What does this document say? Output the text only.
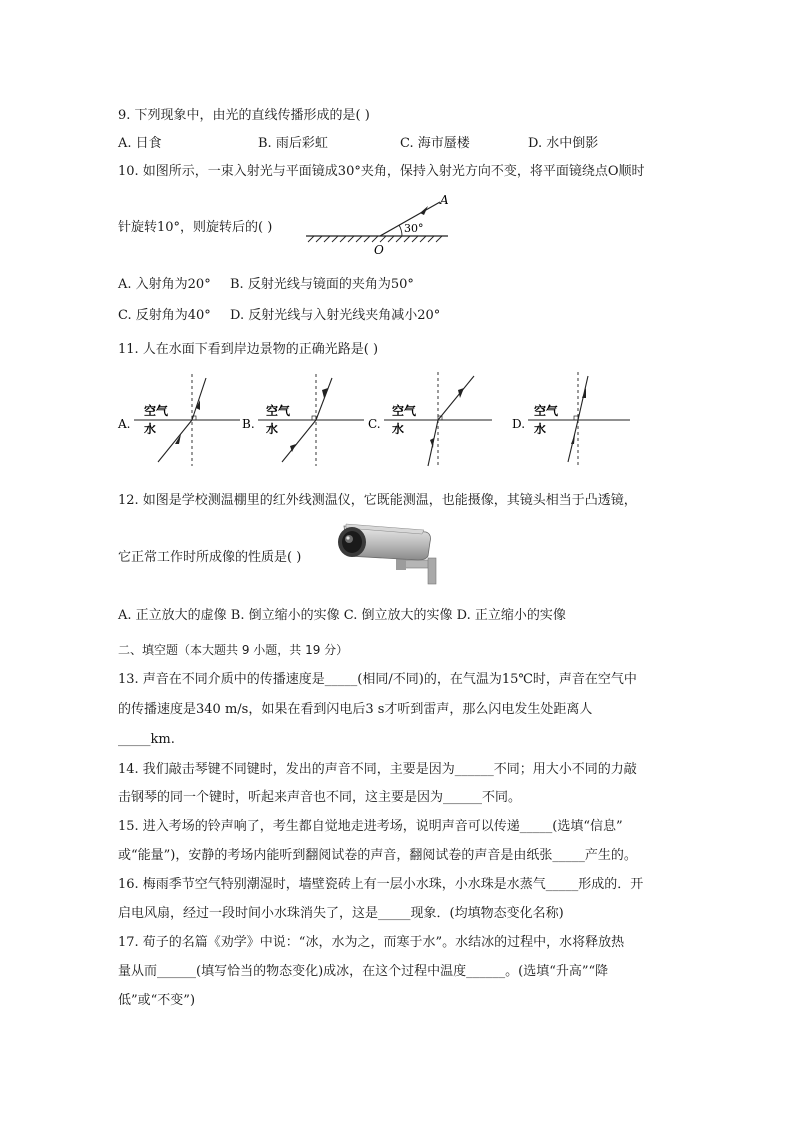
9. 下列现象中，由光的直线传播形成的是( )
A. 日食	B. 雨后彩虹	C. 海市蜃楼	D. 水中倒影
10. 如图所示，一束入射光与平面镜成30°夹角，保持入射光方向不变，将平面镜绕点O顺时
针旋转10°，则旋转后的( )
A
30°
O
A. 入射角为20° B. 反射光线与镜面的夹角为50°
C. 反射角为40° D. 反射光线与入射光线夹角减小20°
11. 人在水面下看到岸边景物的正确光路是( )
A.
空气
水	B.
空气
水	C.
空气
水	D.
空气
水
12. 如图是学校测温棚里的红外线测温仪，它既能测温，也能摄像，其镜头相当于凸透镜，
它正常工作时所成像的性质是( )
A. 正立放大的虚像 B. 倒立缩小的实像 C. 倒立放大的实像 D. 正立缩小的实像
二、填空题（本大题共 9 小题，共 19 分）
13. 声音在不同介质中的传播速度是_____(相同/不同)的，在气温为15℃时，声音在空气中
的传播速度是340 m/s，如果在看到闪电后3 s才听到雷声，那么闪电发生处距离人
_____km.
14. 我们敲击琴键不同键时，发出的声音不同，主要是因为______不同；用大小不同的力敲
击钢琴的同一个键时，听起来声音也不同，这主要是因为______不同。
15. 进入考场的铃声响了，考生都自觉地走进考场，说明声音可以传递_____(选填“信息”
或“能量”)，安静的考场内能听到翻阅试卷的声音，翻阅试卷的声音是由纸张_____产生的。
16. 梅雨季节空气特别潮湿时，墙壁瓷砖上有一层小水珠，小水珠是水蒸气_____形成的．开
启电风扇，经过一段时间小水珠消失了，这是_____现象．(均填物态变化名称)
17. 荀子的名篇《劝学》中说：“冰，水为之，而寒于水”。水结冰的过程中，水将释放热
量从而______(填写恰当的物态变化)成冰，在这个过程中温度______。(选填“升高”“降
低”或“不变”)
